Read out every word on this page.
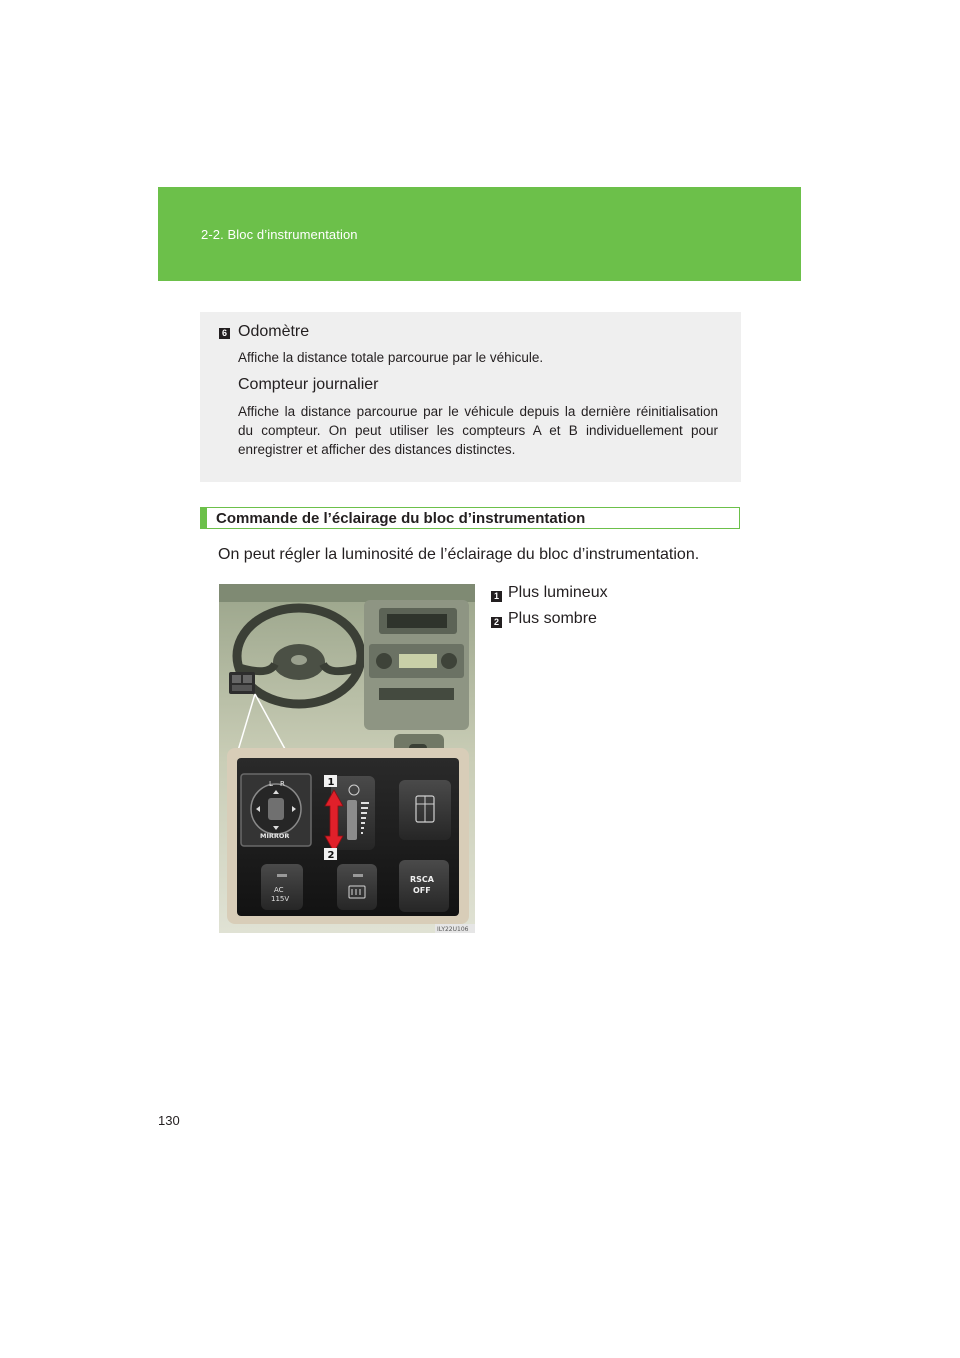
2-2. Bloc d’instrumentation
6 Odomètre
Affiche la distance totale parcourue par le véhicule.
Compteur journalier
Affiche la distance parcourue par le véhicule depuis la dernière réinitialisation du compteur. On peut utiliser les compteurs A et B individuellement pour enregistrer et afficher des distances distinctes.
Commande de l’éclairage du bloc d’instrumentation
On peut régler la luminosité de l’éclairage du bloc d’instrumentation.
1 Plus lumineux
2 Plus sombre
L R
MIRROR
1
2
AC
115V
RSCA
OFF
ILY22U106
130
